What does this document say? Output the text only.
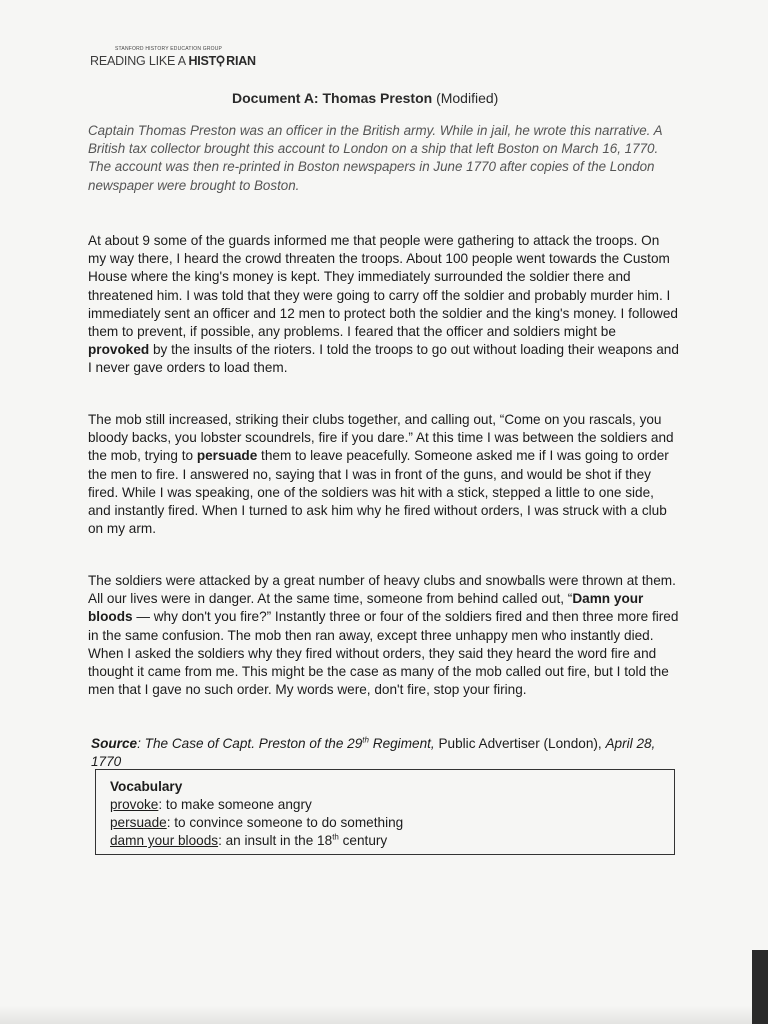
STANFORD HISTORY EDUCATION GROUP
READING LIKE A HIST RIAN
Document A: Thomas Preston (Modified)
Captain Thomas Preston was an officer in the British army. While in jail, he wrote this narrative. A British tax collector brought this account to London on a ship that left Boston on March 16, 1770. The account was then re-printed in Boston newspapers in June 1770 after copies of the London newspaper were brought to Boston.
At about 9 some of the guards informed me that people were gathering to attack the troops. On my way there, I heard the crowd threaten the troops. About 100 people went towards the Custom House where the king's money is kept. They immediately surrounded the soldier there and threatened him. I was told that they were going to carry off the soldier and probably murder him. I immediately sent an officer and 12 men to protect both the soldier and the king's money. I followed them to prevent, if possible, any problems. I feared that the officer and soldiers might be provoked by the insults of the rioters. I told the troops to go out without loading their weapons and I never gave orders to load them.
The mob still increased, striking their clubs together, and calling out, “Come on you rascals, you bloody backs, you lobster scoundrels, fire if you dare.” At this time I was between the soldiers and the mob, trying to persuade them to leave peacefully. Someone asked me if I was going to order the men to fire. I answered no, saying that I was in front of the guns, and would be shot if they fired. While I was speaking, one of the soldiers was hit with a stick, stepped a little to one side, and instantly fired. When I turned to ask him why he fired without orders, I was struck with a club on my arm.
The soldiers were attacked by a great number of heavy clubs and snowballs were thrown at them. All our lives were in danger. At the same time, someone from behind called out, “Damn your bloods — why don't you fire?” Instantly three or four of the soldiers fired and then three more fired in the same confusion. The mob then ran away, except three unhappy men who instantly died. When I asked the soldiers why they fired without orders, they said they heard the word fire and thought it came from me. This might be the case as many of the mob called out fire, but I told the men that I gave no such order. My words were, don't fire, stop your firing.
Source: The Case of Capt. Preston of the 29th Regiment, Public Advertiser (London), April 28, 1770
Vocabulary
provoke: to make someone angry
persuade: to convince someone to do something
damn your bloods: an insult in the 18th century
